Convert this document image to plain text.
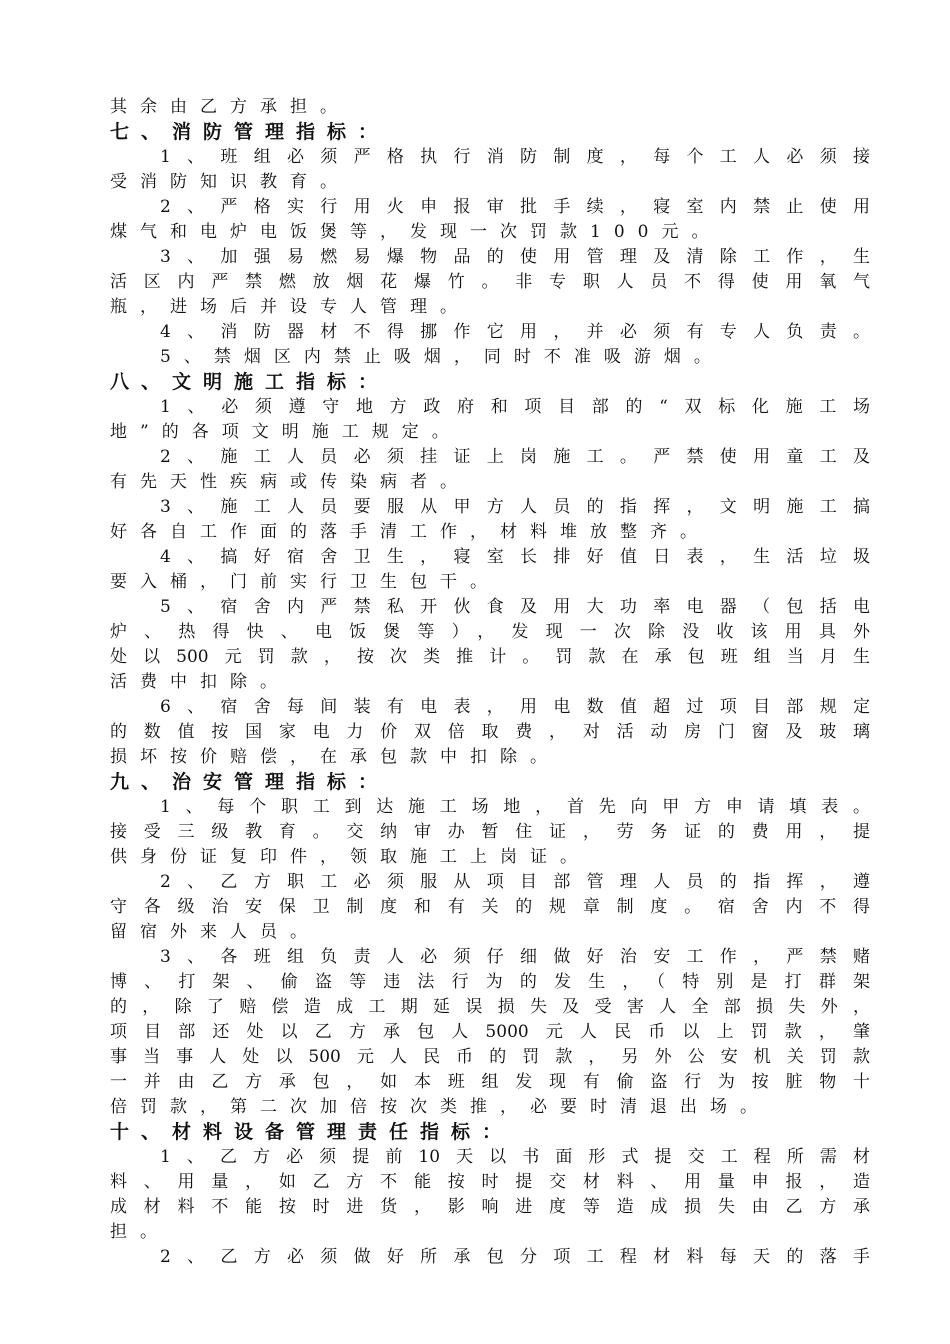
其余由乙方承担。
七、消防管理指标：
1、班组必须严格执行消防制度，每个工人必须接
受消防知识教育。
2、严格实行用火申报审批手续，寝室内禁止使用
煤气和电炉电饭煲等，发现一次罚款100元。
3、加强易燃易爆物品的使用管理及清除工作，生
活区内严禁燃放烟花爆竹。非专职人员不得使用氧气
瓶，进场后并设专人管理。
4、消防器材不得挪作它用，并必须有专人负责。
5、禁烟区内禁止吸烟，同时不准吸游烟。
八、文明施工指标：
1、必须遵守地方政府和项目部的“双标化施工场
地”的各项文明施工规定。
2、施工人员必须挂证上岗施工。严禁使用童工及
有先天性疾病或传染病者。
3、施工人员要服从甲方人员的指挥，文明施工搞
好各自工作面的落手清工作，材料堆放整齐。
4、搞好宿舍卫生，寝室长排好值日表，生活垃圾
要入桶，门前实行卫生包干。
5、宿舍内严禁私开伙食及用大功率电器（包括电
炉、热得快、电饭煲等），发现一次除没收该用具外
处以500元罚款，按次类推计。罚款在承包班组当月生
活费中扣除。
6、宿舍每间装有电表，用电数值超过项目部规定
的数值按国家电力价双倍取费，对活动房门窗及玻璃
损坏按价赔偿，在承包款中扣除。
九、治安管理指标：
1、每个职工到达施工场地，首先向甲方申请填表。
接受三级教育。交纳审办暂住证，劳务证的费用，提
供身份证复印件，领取施工上岗证。
2、乙方职工必须服从项目部管理人员的指挥，遵
守各级治安保卫制度和有关的规章制度。宿舍内不得
留宿外来人员。
3、各班组负责人必须仔细做好治安工作，严禁赌
博、打架、偷盗等违法行为的发生，（特别是打群架
的，除了赔偿造成工期延误损失及受害人全部损失外，
项目部还处以乙方承包人5000元人民币以上罚款，肇
事当事人处以500元人民币的罚款，另外公安机关罚款
一并由乙方承包，如本班组发现有偷盗行为按脏物十
倍罚款，第二次加倍按次类推，必要时清退出场。
十、材料设备管理责任指标：
1、乙方必须提前10天以书面形式提交工程所需材
料、用量，如乙方不能按时提交材料、用量申报，造
成材料不能按时进货，影响进度等造成损失由乙方承
担。
2、乙方必须做好所承包分项工程材料每天的落手
